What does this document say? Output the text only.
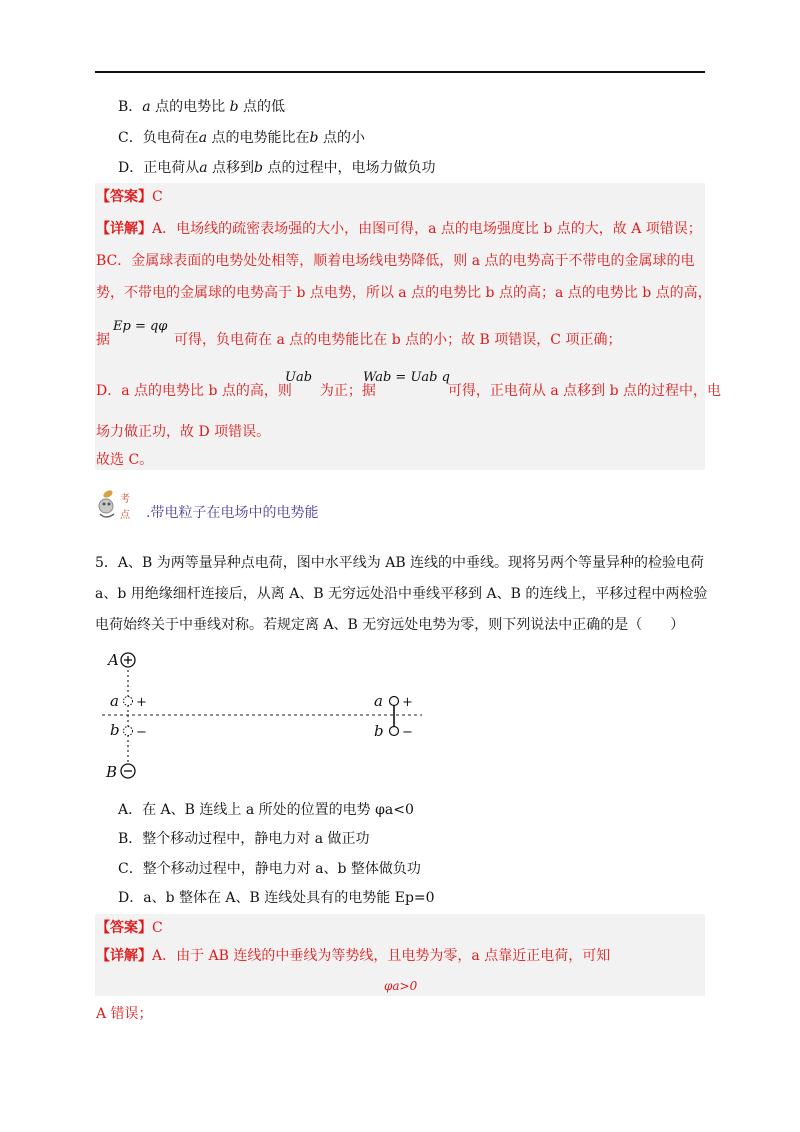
B．a 点的电势比 b 点的低
C．负电荷在a 点的电势能比在b 点的小
D．正电荷从a 点移到b 点的过程中，电场力做负功
【答案】C
【详解】A．电场线的疏密表场强的大小，由图可得，a 点的电场强度比 b 点的大，故 A 项错误；
BC．金属球表面的电势处处相等，顺着电场线电势降低，则 a 点的电势高于不带电的金属球的电
势，不带电的金属球的电势高于 b 点电势，所以 a 点的电势比 b 点的高；a 点的电势比 b 点的高，
Ep = qφ
据	可得，负电荷在 a 点的电势能比在 b 点的小；故 B 项错误，C 项正确；
Uab	Wab = Uab q
D．a 点的电势比 b 点的高，则 为正；据	可得，正电荷从 a 点移到 b 点的过程中，电
场力做正功，故 D 项错误。
故选 C。
考
点 .带电粒子在电场中的电势能
5．A、B 为两等量异种点电荷，图中水平线为 AB 连线的中垂线。现将另两个等量异种的检验电荷
a、b 用绝缘细杆连接后，从离 A、B 无穷远处沿中垂线平移到 A、B 的连线上，平移过程中两检验
电荷始终关于中垂线对称。若规定离 A、B 无穷远处电势为零，则下列说法中正确的是（　　）
A
B
a +
b −
a +
b −
A．在 A、B 连线上 a 所处的位置的电势 φa<0
B．整个移动过程中，静电力对 a 做正功
C．整个移动过程中，静电力对 a、b 整体做负功
D．a、b 整体在 A、B 连线处具有的电势能 Ep=0
【答案】C
【详解】A．由于 AB 连线的中垂线为等势线，且电势为零，a 点靠近正电荷，可知
φa>0
A 错误；
